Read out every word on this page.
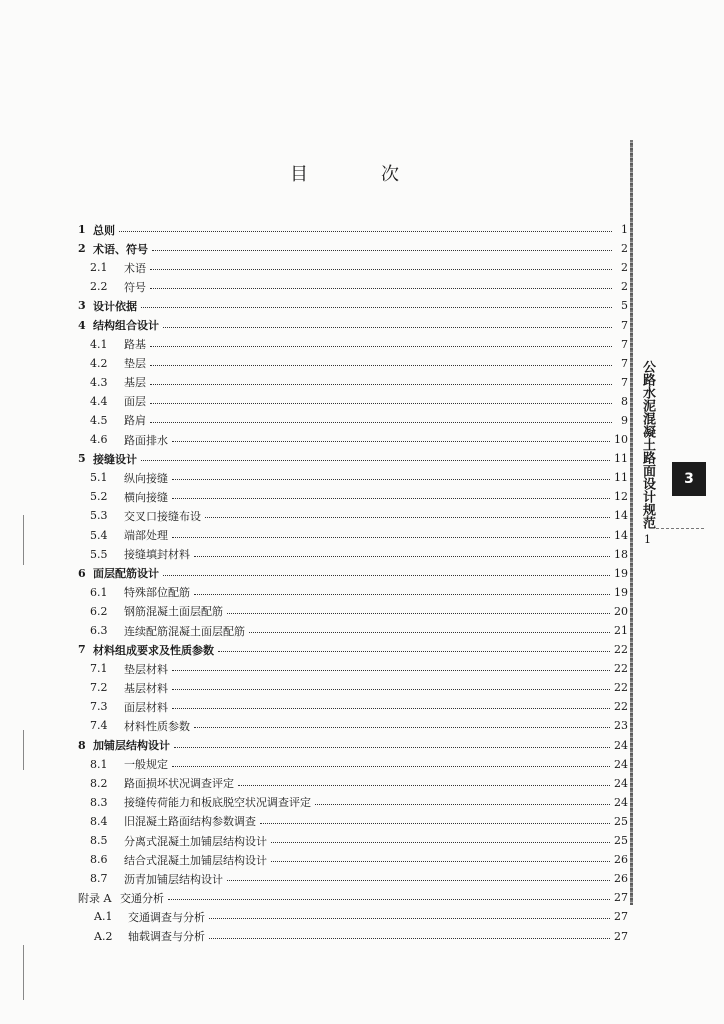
目	次
1 总则	1
2 术语、符号	2
2.1	术语	2
2.2	符号	2
3 设计依据	5
4 结构组合设计	7
4.1	路基	7
4.2	垫层	7
4.3	基层	7
4.4	面层	8
4.5	路肩	9
4.6	路面排水	10
5 接缝设计	11
5.1	纵向接缝	11
5.2	横向接缝	12
5.3	交叉口接缝布设	14
5.4	端部处理	14
5.5	接缝填封材料	18
6 面层配筋设计	19
6.1	特殊部位配筋	19
6.2	钢筋混凝土面层配筋	20
6.3	连续配筋混凝土面层配筋	21
7 材料组成要求及性质参数	22
7.1	垫层材料	22
7.2	基层材料	22
7.3	面层材料	22
7.4	材料性质参数	23
8 加铺层结构设计	24
8.1	一般规定	24
8.2	路面损坏状况调查评定	24
8.3	接缝传荷能力和板底脱空状况调查评定	24
8.4	旧混凝土路面结构参数调查	25
8.5	分离式混凝土加铺层结构设计	25
8.6	结合式混凝土加铺层结构设计	26
8.7	沥青加铺层结构设计	26
附录 A 交通分析	27
A.1	交通调查与分析	27
A.2	轴载调查与分析	27
公路水泥混凝土路面设计规范
1
3
